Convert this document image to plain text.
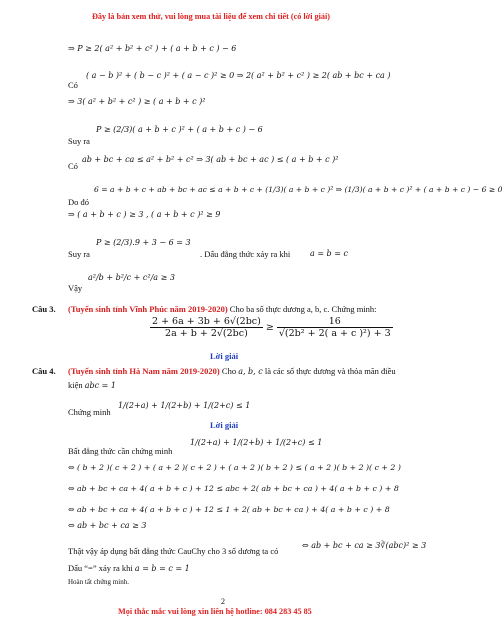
Đây là bản xem thử, vui lòng mua tài liệu để xem chi tiết (có lời giải)
⇒ P ≥ 2( a² + b² + c² ) + ( a + b + c ) − 6
Có
( a − b )² + ( b − c )² + ( a − c )² ≥ 0 ⇒ 2( a² + b² + c² ) ≥ 2( ab + bc + ca )
⇒ 3( a² + b² + c² ) ≥ ( a + b + c )²
Suy ra
P ≥ (2/3)( a + b + c )² + ( a + b + c ) − 6
Có
ab + bc + ca ≤ a² + b² + c² ⇒ 3( ab + bc + ac ) ≤ ( a + b + c )²
6 = a + b + c + ab + bc + ac ≤ a + b + c + (1/3)( a + b + c )² ⇒ (1/3)( a + b + c )² + ( a + b + c ) − 6 ≥ 0
Do đó
⇒ ( a + b + c ) ≥ 3 , ( a + b + c )² ≥ 9
Suy ra
P ≥ (2/3).9 + 3 − 6 = 3
. Dấu đẳng thức xảy ra khi a = b = c
Vậy
a²/b + b²/c + c²/a ≥ 3
Câu 3. (Tuyển sinh tỉnh Vĩnh Phúc năm 2019-2020) Cho ba số thực dương a, b, c. Chứng minh:
$\frac{2 + 6a + 3b + 6√(2bc)}{2a + b + 2√(2bc)} \ge \frac{16}{\text{√(2b² + 2( a + c )²) + 3}}$
Lời giải
Câu 4. (Tuyển sinh tỉnh Hà Nam năm 2019-2020) Cho a, b, c là các số thực dương và thỏa mãn điều
kiện abc = 1
Chứng minh
1/(2+a) + 1/(2+b) + 1/(2+c) ≤ 1
Lời giải
Bất đẳng thức cần chứng minh
1/(2+a) + 1/(2+b) + 1/(2+c) ≤ 1
⇔ ( b + 2 )( c + 2 ) + ( a + 2 )( c + 2 ) + ( a + 2 )( b + 2 ) ≤ ( a + 2 )( b + 2 )( c + 2 )
⇔ ab + bc + ca + 4( a + b + c ) + 12 ≤ abc + 2( ab + bc + ca ) + 4( a + b + c ) + 8
⇔ ab + bc + ca + 4( a + b + c ) + 12 ≤ 1 + 2( ab + bc + ca ) + 4( a + b + c ) + 8
⇔ ab + bc + ca ≥ 3
Thật vậy áp dụng bất đẳng thức CauChy cho 3 số dương ta có
⇔ ab + bc + ca ≥ 3∛(abc)² ≥ 3
Dấu “=” xảy ra khi a = b = c = 1
Hoàn tất chứng minh.
2
Mọi thắc mắc vui lòng xin liên hệ hotline: 084 283 45 85
